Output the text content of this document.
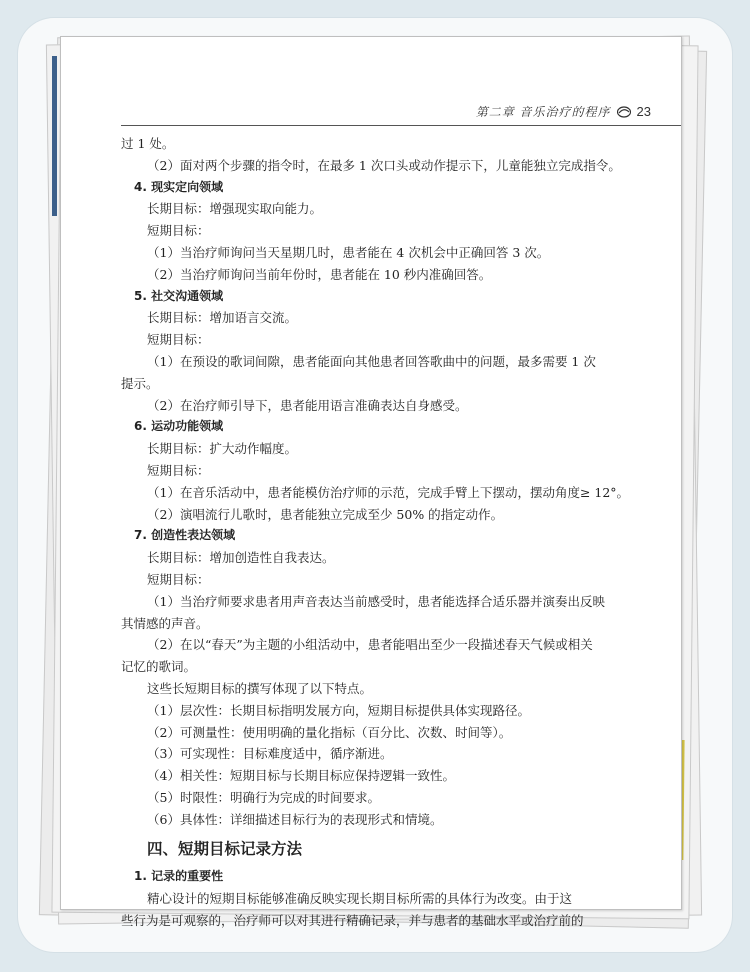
第二章 音乐治疗的程序 23

过 1 处。

（2）面对两个步骤的指令时，在最多 1 次口头或动作提示下，儿童能独立完成指令。

4. 现实定向领域

长期目标：增强现实取向能力。

短期目标：

（1）当治疗师询问当天星期几时，患者能在 4 次机会中正确回答 3 次。

（2）当治疗师询问当前年份时，患者能在 10 秒内准确回答。

5. 社交沟通领域

长期目标：增加语言交流。

短期目标：

（1）在预设的歌词间隙，患者能面向其他患者回答歌曲中的问题，最多需要 1 次

提示。

（2）在治疗师引导下，患者能用语言准确表达自身感受。

6. 运动功能领域

长期目标：扩大动作幅度。

短期目标：

（1）在音乐活动中，患者能模仿治疗师的示范，完成手臂上下摆动，摆动角度≥ 12°。

（2）演唱流行儿歌时，患者能独立完成至少 50% 的指定动作。

7. 创造性表达领域

长期目标：增加创造性自我表达。

短期目标：

（1）当治疗师要求患者用声音表达当前感受时，患者能选择合适乐器并演奏出反映

其情感的声音。

（2）在以“春天”为主题的小组活动中，患者能唱出至少一段描述春天气候或相关

记忆的歌词。

这些长短期目标的撰写体现了以下特点。

（1）层次性：长期目标指明发展方向，短期目标提供具体实现路径。

（2）可测量性：使用明确的量化指标（百分比、次数、时间等）。

（3）可实现性：目标难度适中，循序渐进。

（4）相关性：短期目标与长期目标应保持逻辑一致性。

（5）时限性：明确行为完成的时间要求。

（6）具体性：详细描述目标行为的表现形式和情境。

四、短期目标记录方法

1. 记录的重要性

精心设计的短期目标能够准确反映实现长期目标所需的具体行为改变。由于这

些行为是可观察的，治疗师可以对其进行精确记录，并与患者的基础水平或治疗前的
